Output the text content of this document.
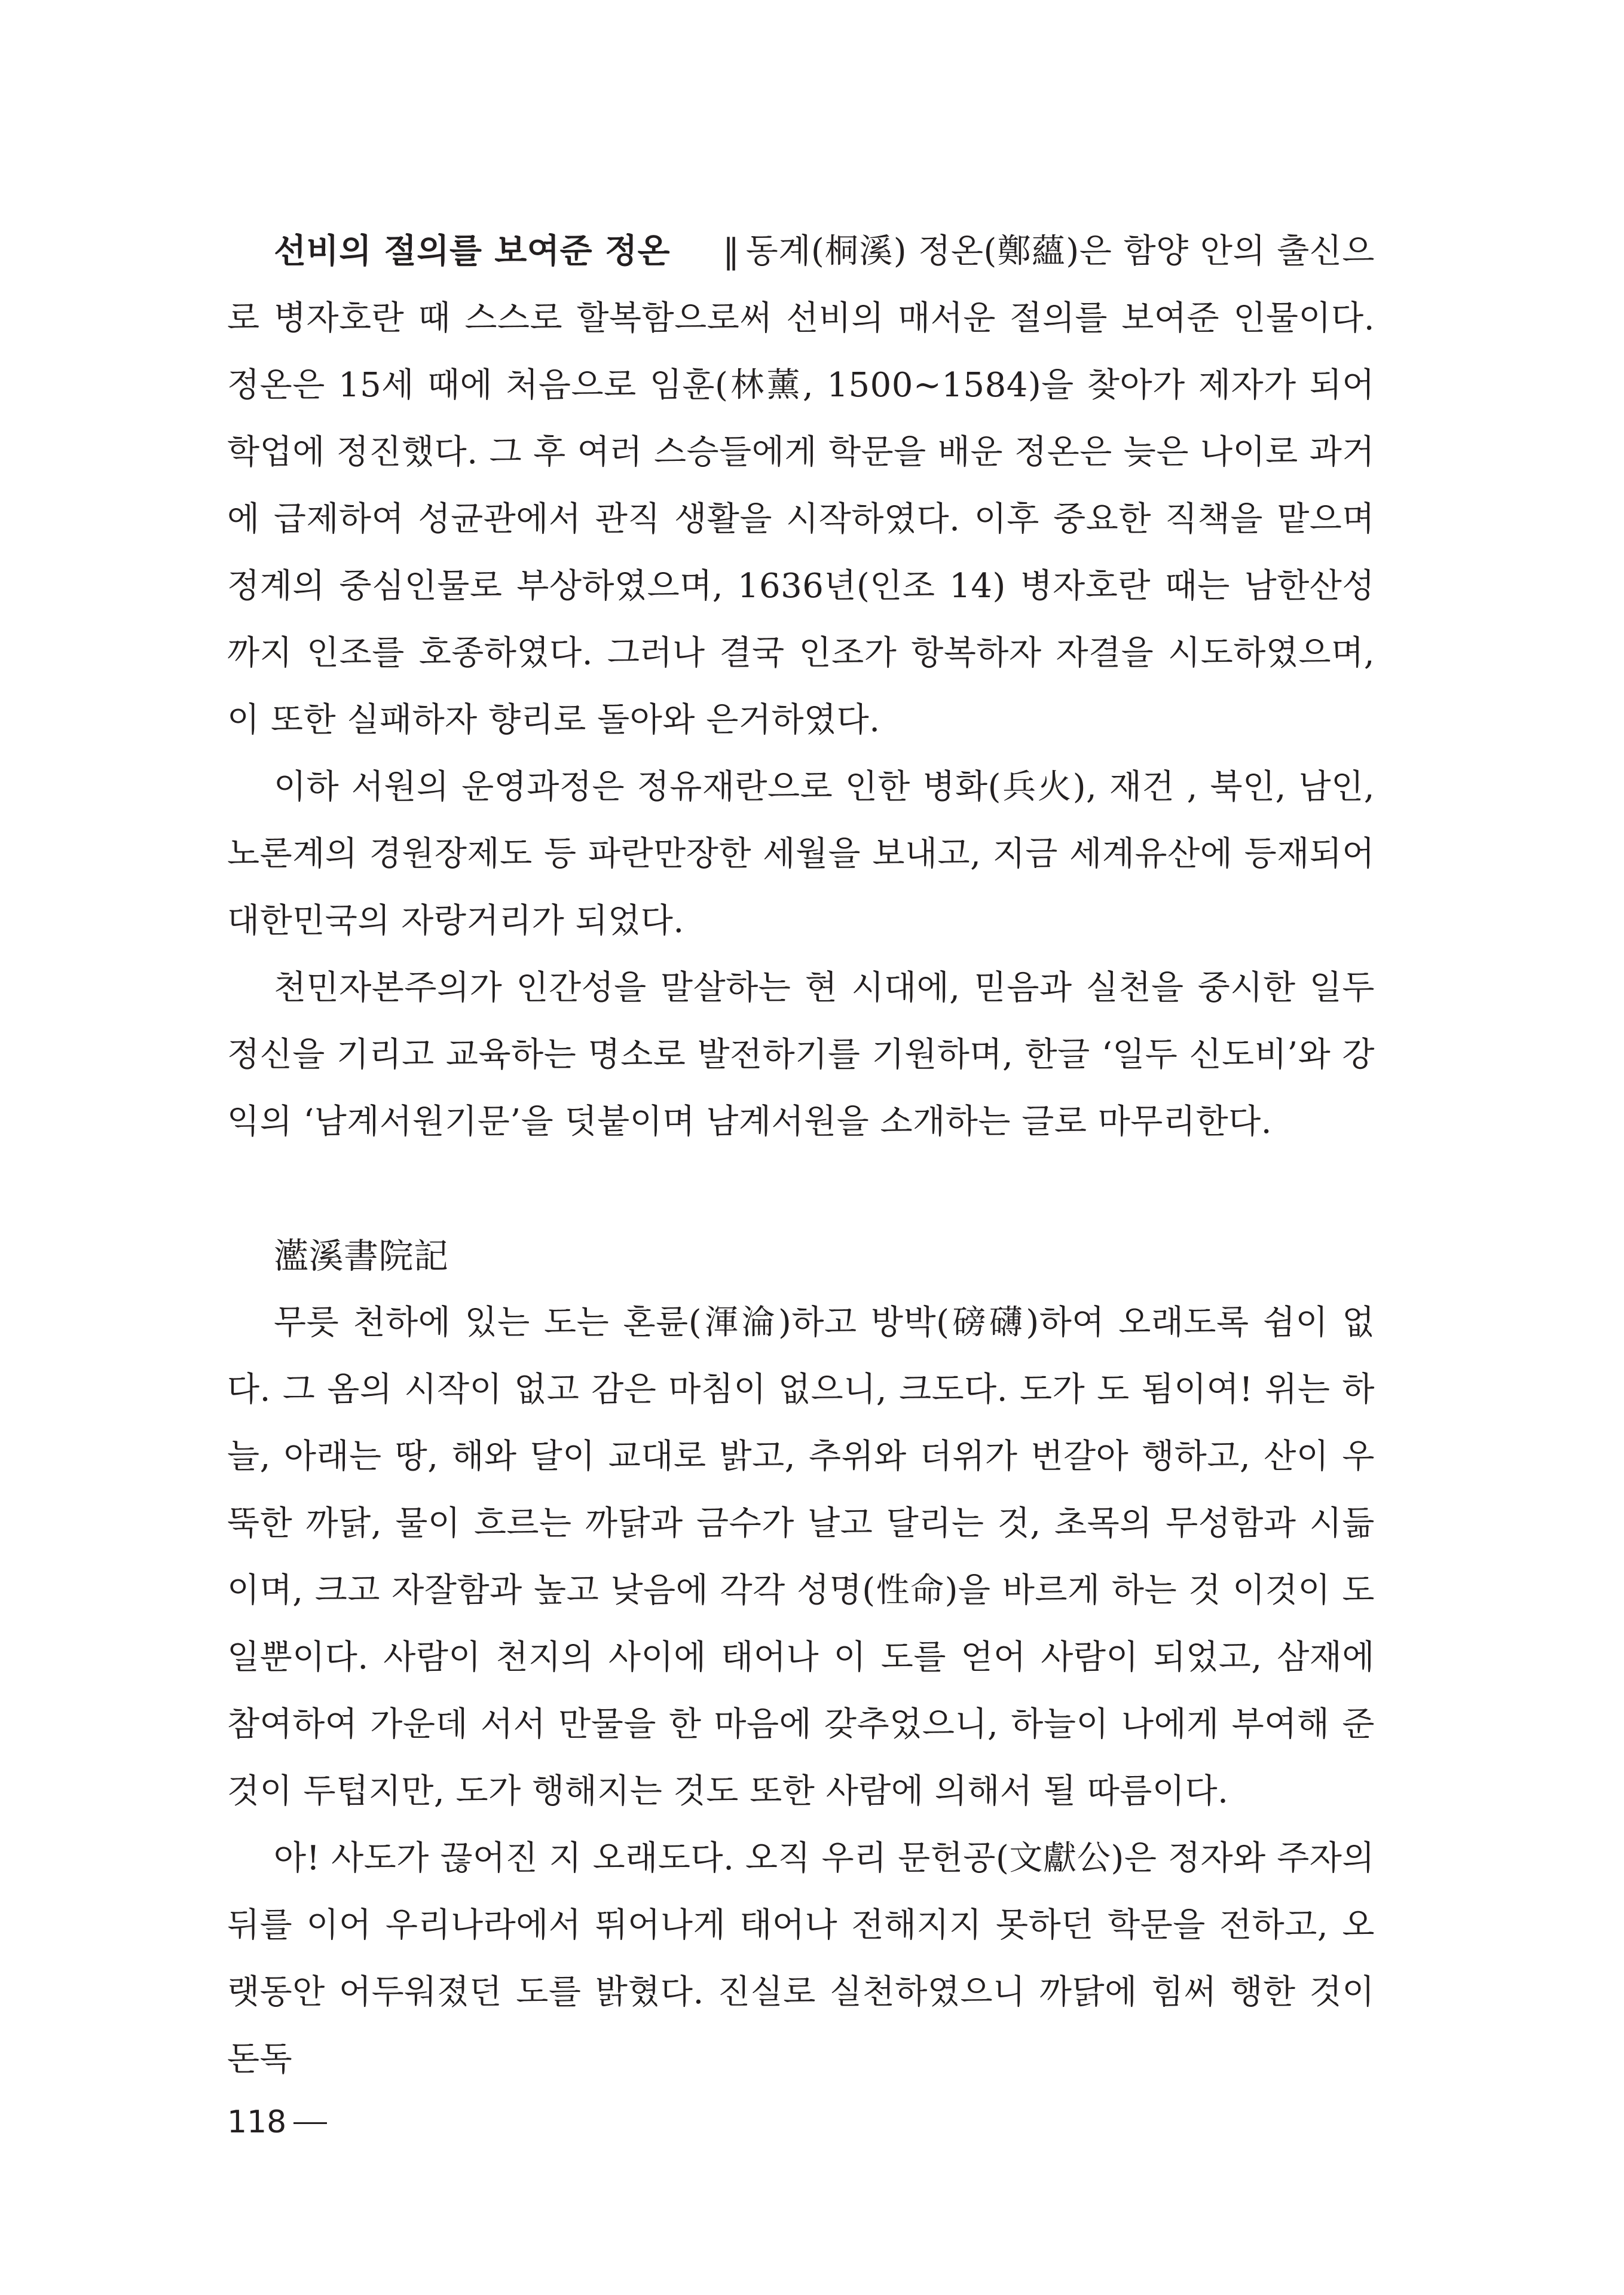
선비의 절의를 보여준 정온 ‖ 동계(桐溪) 정온(鄭蘊)은 함양 안의 출신으로 병자호란 때 스스로 할복함으로써 선비의 매서운 절의를 보여준 인물이다. 정온은 15세 때에 처음으로 임훈(林薰, 1500~1584)을 찾아가 제자가 되어 학업에 정진했다. 그 후 여러 스승들에게 학문을 배운 정온은 늦은 나이로 과거에 급제하여 성균관에서 관직 생활을 시작하였다. 이후 중요한 직책을 맡으며 정계의 중심인물로 부상하였으며, 1636년(인조 14) 병자호란 때는 남한산성까지 인조를 호종하였다. 그러나 결국 인조가 항복하자 자결을 시도하였으며, 이 또한 실패하자 향리로 돌아와 은거하였다.

이하 서원의 운영과정은 정유재란으로 인한 병화(兵火), 재건 , 북인, 남인, 노론계의 경원장제도 등 파란만장한 세월을 보내고, 지금 세계유산에 등재되어 대한민국의 자랑거리가 되었다.

천민자본주의가 인간성을 말살하는 현 시대에, 믿음과 실천을 중시한 일두 정신을 기리고 교육하는 명소로 발전하기를 기원하며, 한글 ‘일두 신도비’와 강익의 ‘남계서원기문’을 덧붙이며 남계서원을 소개하는 글로 마무리한다.

灆溪書院記

무릇 천하에 있는 도는 혼륜(渾淪)하고 방박(磅礴)하여 오래도록 쉼이 없다. 그 옴의 시작이 없고 감은 마침이 없으니, 크도다. 도가 도 됨이여! 위는 하늘, 아래는 땅, 해와 달이 교대로 밝고, 추위와 더위가 번갈아 행하고, 산이 우뚝한 까닭, 물이 흐르는 까닭과 금수가 날고 달리는 것, 초목의 무성함과 시듦이며, 크고 자잘함과 높고 낮음에 각각 성명(性命)을 바르게 하는 것 이것이 도일뿐이다. 사람이 천지의 사이에 태어나 이 도를 얻어 사람이 되었고, 삼재에 참여하여 가운데 서서 만물을 한 마음에 갖추었으니, 하늘이 나에게 부여해 준 것이 두텁지만, 도가 행해지는 것도 또한 사람에 의해서 될 따름이다.

아! 사도가 끊어진 지 오래도다. 오직 우리 문헌공(文獻公)은 정자와 주자의 뒤를 이어 우리나라에서 뛰어나게 태어나 전해지지 못하던 학문을 전하고, 오랫동안 어두워졌던 도를 밝혔다. 진실로 실천하였으니 까닭에 힘써 행한 것이 돈독

118
